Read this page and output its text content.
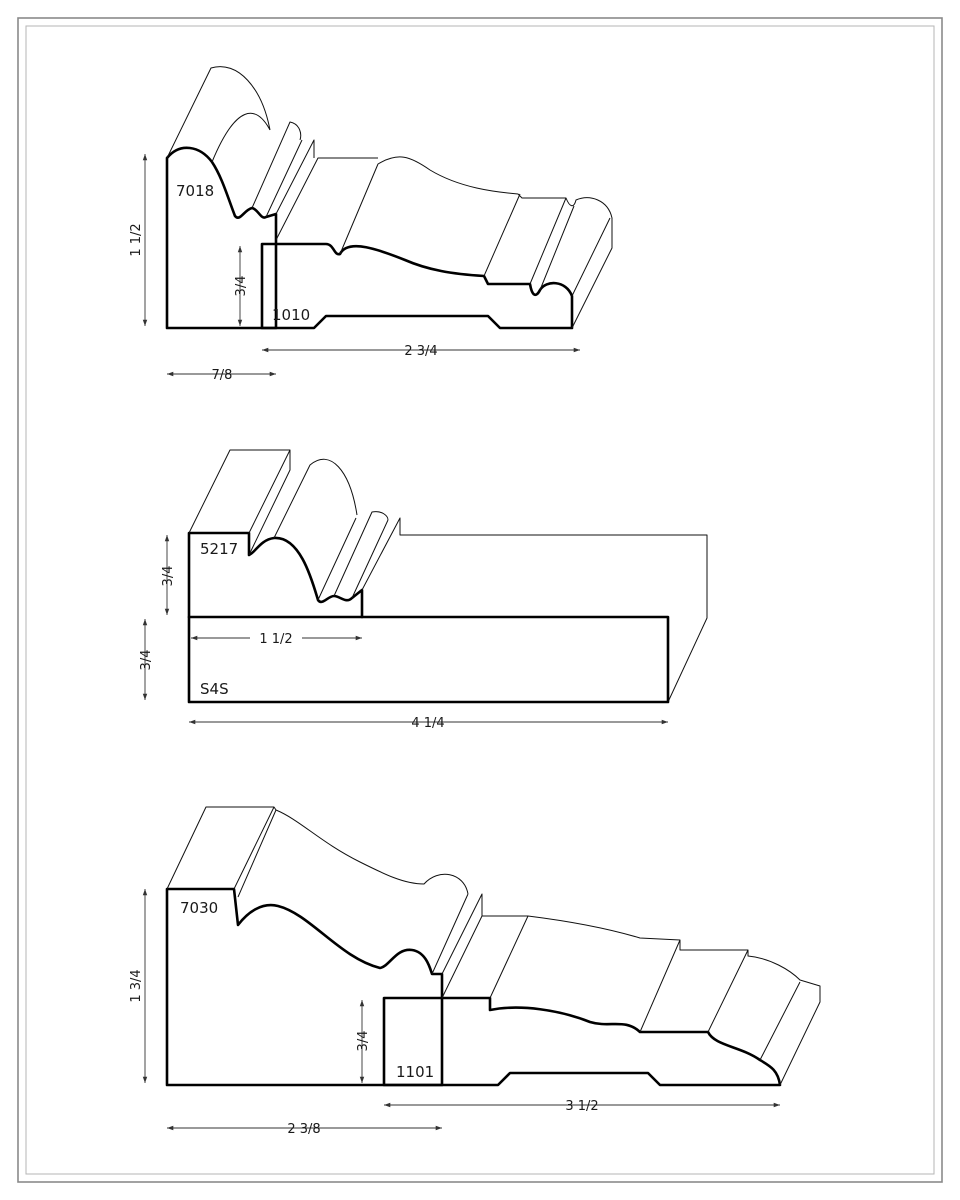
7018
1010
1 1/2
3/4
2 3/4
7/8
5217
S4S
3/4
3/4
1 1/2
4 1/4
7030
1101
1 3/4
3/4
3 1/2
2 3/8
